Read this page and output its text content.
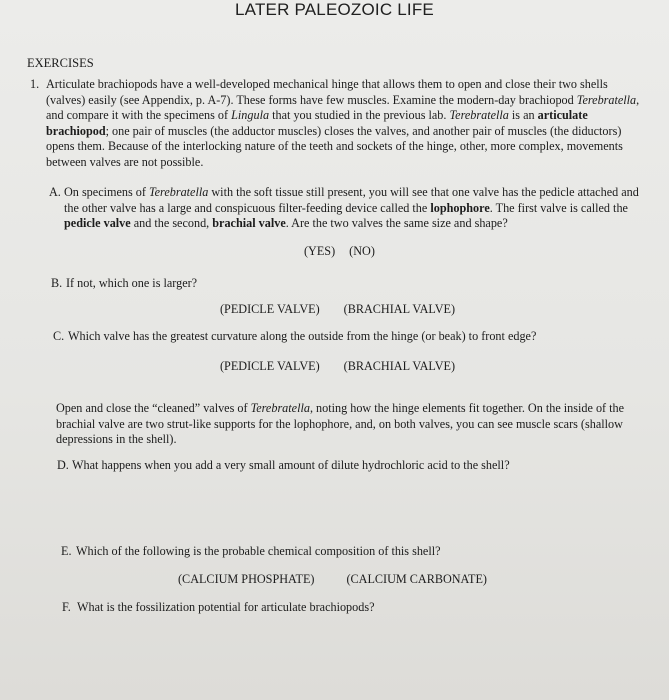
LATER PALEOZOIC LIFE
EXERCISES
1. Articulate brachiopods have a well-developed mechanical hinge that allows them to open and close their two shells (valves) easily (see Appendix, p. A-7). These forms have few muscles. Examine the modern-day brachiopod Terebratella, and compare it with the specimens of Lingula that you studied in the previous lab. Terebratella is an articulate brachiopod; one pair of muscles (the adductor muscles) closes the valves, and another pair of muscles (the diductors) opens them. Because of the interlocking nature of the teeth and sockets of the hinge, other, more complex, movements between valves are not possible.
A. On specimens of Terebratella with the soft tissue still present, you will see that one valve has the pedicle attached and the other valve has a large and conspicuous filter-feeding device called the lophophore. The first valve is called the pedicle valve and the second, brachial valve. Are the two valves the same size and shape?
(YES) (NO)
B. If not, which one is larger?
(PEDICLE VALVE) (BRACHIAL VALVE)
C. Which valve has the greatest curvature along the outside from the hinge (or beak) to front edge?
(PEDICLE VALVE) (BRACHIAL VALVE)
Open and close the “cleaned” valves of Terebratella, noting how the hinge elements fit together. On the inside of the brachial valve are two strut-like supports for the lophophore, and, on both valves, you can see muscle scars (shallow depressions in the shell).
D. What happens when you add a very small amount of dilute hydrochloric acid to the shell?
E. Which of the following is the probable chemical composition of this shell?
(CALCIUM PHOSPHATE)	(CALCIUM CARBONATE)
F. What is the fossilization potential for articulate brachiopods?
